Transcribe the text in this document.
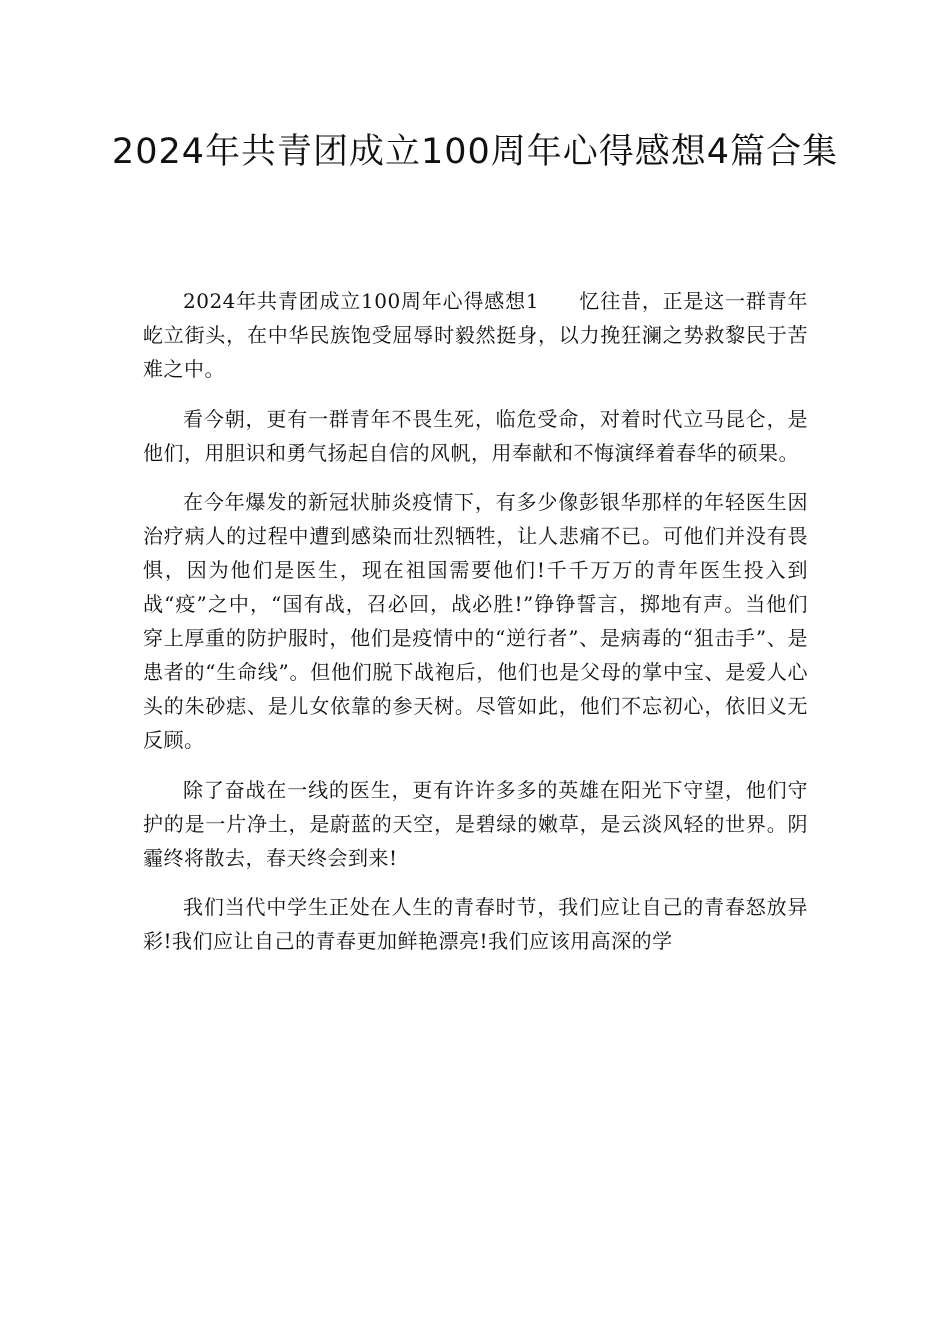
2024年共青团成立100周年心得感想4篇合集

2024年共青团成立100周年心得感想1 忆往昔，正是这一群青年屹立街头，在中华民族饱受屈辱时毅然挺身，以力挽狂澜之势救黎民于苦难之中。

看今朝，更有一群青年不畏生死，临危受命，对着时代立马昆仑，是他们，用胆识和勇气扬起自信的风帆，用奉献和不悔演绎着春华的硕果。

在今年爆发的新冠状肺炎疫情下，有多少像彭银华那样的年轻医生因治疗病人的过程中遭到感染而壮烈牺牲，让人悲痛不已。可他们并没有畏惧，因为他们是医生，现在祖国需要他们!千千万万的青年医生投入到战“疫”之中，“国有战，召必回，战必胜!”铮铮誓言，掷地有声。当他们穿上厚重的防护服时，他们是疫情中的“逆行者”、是病毒的“狙击手”、是患者的“生命线”。但他们脱下战袍后，他们也是父母的掌中宝、是爱人心头的朱砂痣、是儿女依靠的参天树。尽管如此，他们不忘初心，依旧义无反顾。

除了奋战在一线的医生，更有许许多多的英雄在阳光下守望，他们守护的是一片净土，是蔚蓝的天空，是碧绿的嫩草，是云淡风轻的世界。阴霾终将散去，春天终会到来!

我们当代中学生正处在人生的青春时节，我们应让自己的青春怒放异彩!我们应让自己的青春更加鲜艳漂亮!我们应该用高深的学
